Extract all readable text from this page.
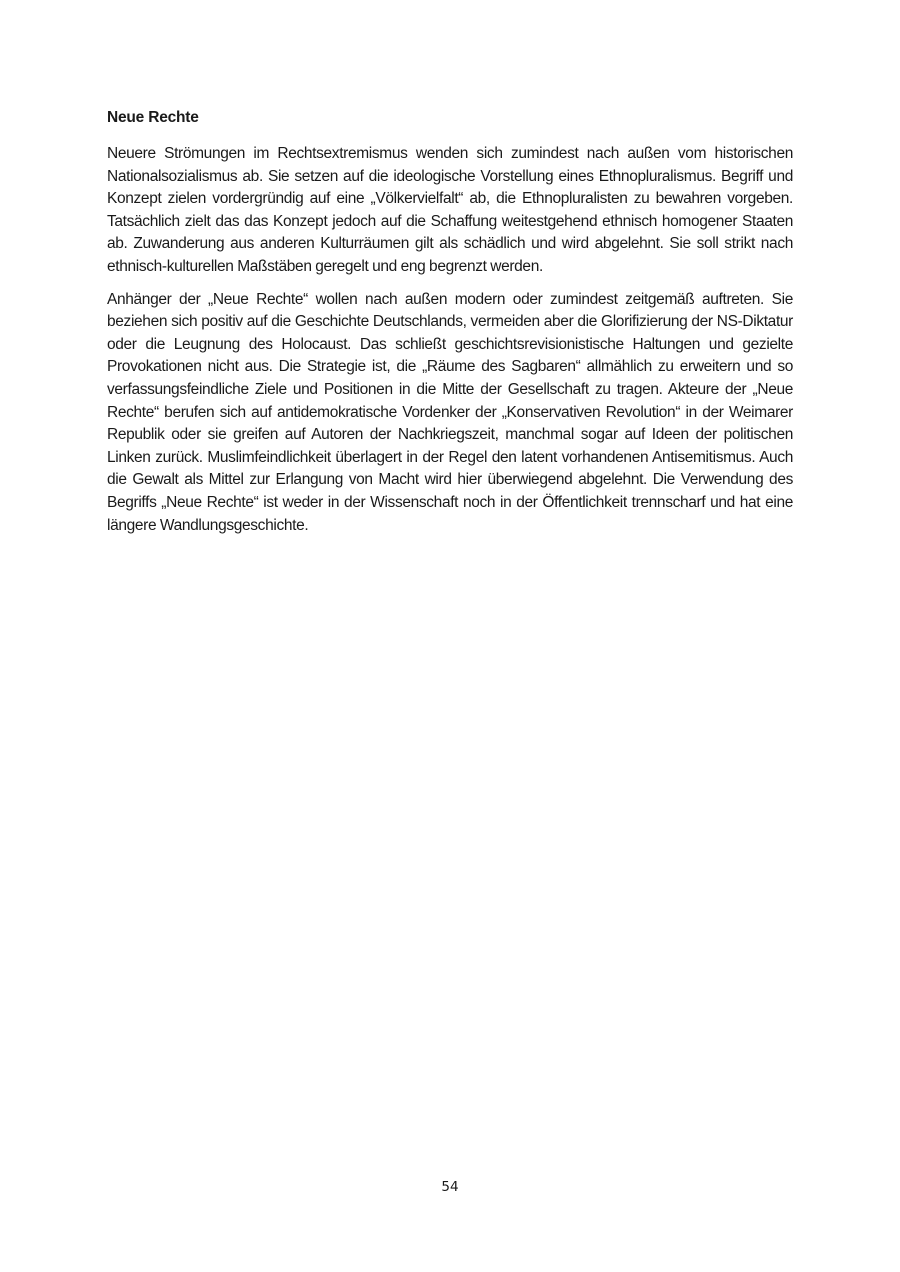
Neue Rechte

Neuere Strömungen im Rechtsextremismus wenden sich zumindest nach außen vom historischen Nationalsozialismus ab. Sie setzen auf die ideologische Vorstellung eines Ethnopluralismus. Begriff und Konzept zielen vordergründig auf eine „Völkervielfalt“ ab, die Ethnopluralisten zu bewahren vorgeben. Tatsächlich zielt das das Konzept jedoch auf die Schaffung weitestgehend ethnisch homogener Staaten ab. Zuwanderung aus anderen Kulturräumen gilt als schädlich und wird abgelehnt. Sie soll strikt nach ethnisch-kulturellen Maßstäben geregelt und eng begrenzt werden.

Anhänger der „Neue Rechte“ wollen nach außen modern oder zumindest zeitgemäß auftreten. Sie beziehen sich positiv auf die Geschichte Deutschlands, vermeiden aber die Glorifizierung der NS-Diktatur oder die Leugnung des Holocaust. Das schließt geschichtsrevisionistische Haltungen und gezielte Provokationen nicht aus. Die Strategie ist, die „Räume des Sagbaren“ allmählich zu erweitern und so verfassungsfeindliche Ziele und Positionen in die Mitte der Gesellschaft zu tragen. Akteure der „Neue Rechte“ berufen sich auf antidemokratische Vordenker der „Konservativen Revolution“ in der Weimarer Republik oder sie greifen auf Autoren der Nachkriegszeit, manchmal sogar auf Ideen der politischen Linken zurück. Muslimfeindlichkeit überlagert in der Regel den latent vorhandenen Antisemitismus. Auch die Gewalt als Mittel zur Erlangung von Macht wird hier überwiegend abgelehnt. Die Verwendung des Begriffs „Neue Rechte“ ist weder in der Wissenschaft noch in der Öffentlichkeit trennscharf und hat eine längere Wandlungsgeschichte.

54
